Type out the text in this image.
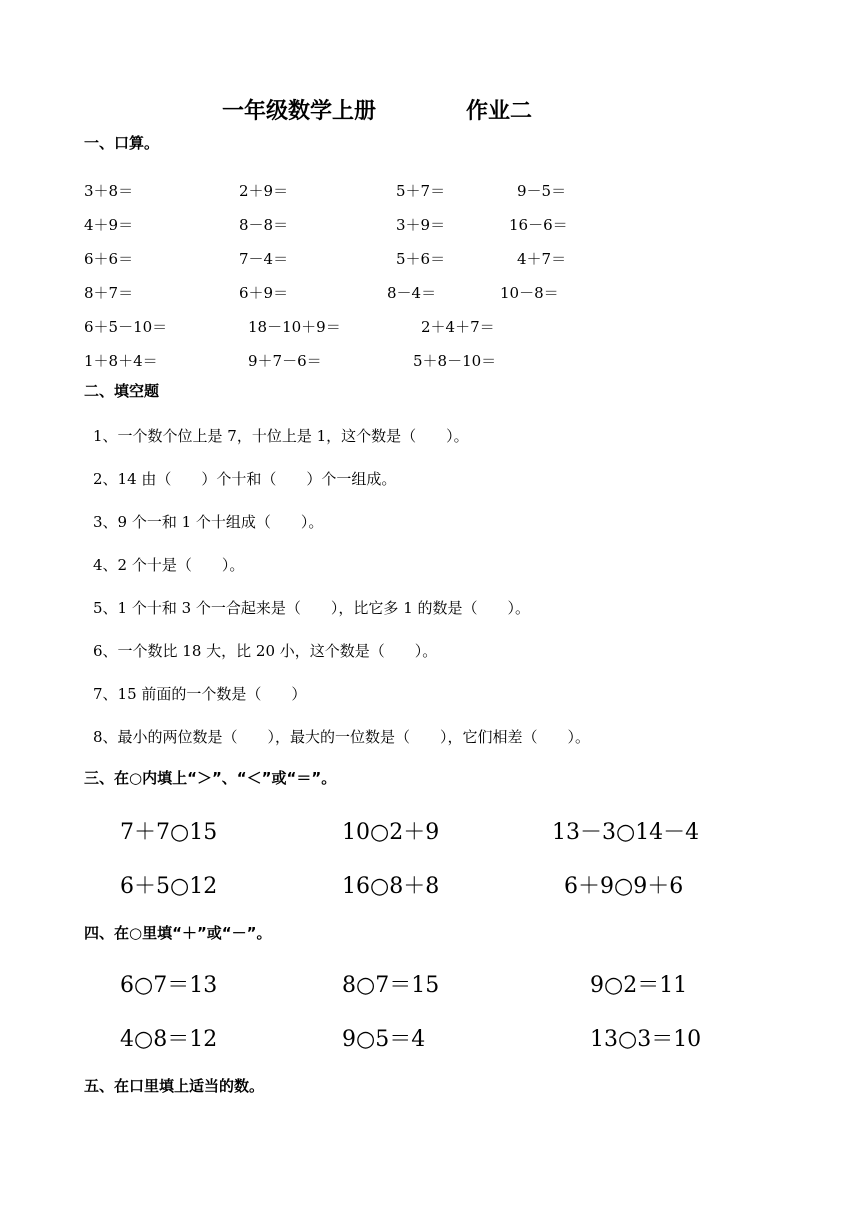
一年级数学上册	作业二
一、口算。
3＋8＝	2＋9＝	5＋7＝	9－5＝
4＋9＝	8－8＝	3＋9＝	16－6＝
6＋6＝	7－4＝	5＋6＝	4＋7＝
8＋7＝	6＋9＝	8－4＝	10－8＝
6＋5－10＝	18－10＋9＝	2＋4＋7＝
1＋8＋4＝	9＋7－6＝	5＋8－10＝
二、填空题
1、一个数个位上是 7，十位上是 1，这个数是（　　）。
2、14 由（　　）个十和（　　）个一组成。
3、9 个一和 1 个十组成（　　）。
4、2 个十是（　　）。
5、1 个十和 3 个一合起来是（　　），比它多 1 的数是（　　）。
6、一个数比 18 大，比 20 小，这个数是（　　）。
7、15 前面的一个数是（　　）
8、最小的两位数是（　　），最大的一位数是（　　），它们相差（　　）。
三、在○内填上“＞”、“＜”或“＝”。
7＋7○15	10○2＋9	13－3○14－4
6＋5○12	16○8＋8	6＋9○9＋6
四、在○里填“＋”或“－”。
6○7＝13	8○7＝15	9○2＝11
4○8＝12	9○5＝4	13○3＝10
五、在口里填上适当的数。
